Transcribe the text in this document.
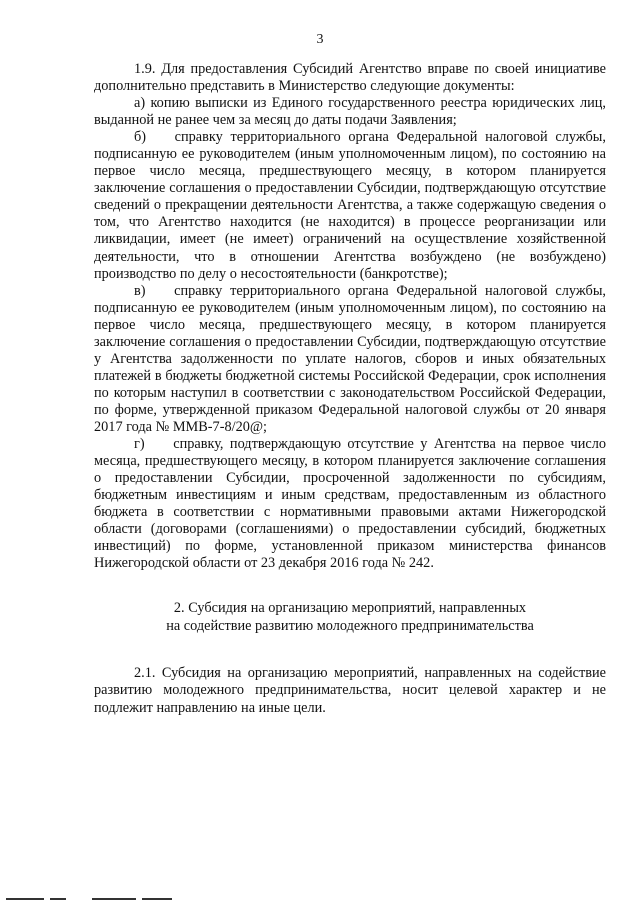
3

1.9. Для предоставления Субсидий Агентство вправе по своей инициативе дополнительно представить в Министерство следующие документы:

а) копию выписки из Единого государственного реестра юридических лиц, выданной не ранее чем за месяц до даты подачи Заявления;

б)  справку территориального органа Федеральной налоговой службы, подписанную ее руководителем (иным уполномоченным лицом), по состоянию на первое число месяца, предшествующего месяцу, в котором планируется заключение соглашения о предоставлении Субсидии, подтверждающую отсутствие сведений о прекращении деятельности Агентства, а также содержащую сведения о том, что Агентство находится (не находится) в процессе реорганизации или ликвидации, имеет (не имеет) ограничений на осуществление хозяйственной деятельности, что в отношении Агентства возбуждено (не возбуждено) производство по делу о несостоятельности (банкротстве);

в)  справку территориального органа Федеральной налоговой службы, подписанную ее руководителем (иным уполномоченным лицом), по состоянию на первое число месяца, предшествующего месяцу, в котором планируется заключение соглашения о предоставлении Субсидии, подтверждающую отсутствие у Агентства задолженности по уплате налогов, сборов и иных обязательных платежей в бюджеты бюджетной системы Российской Федерации, срок исполнения по которым наступил в соответствии с законодательством Российской Федерации, по форме, утвержденной приказом Федеральной налоговой службы от 20 января 2017 года № ММВ-7-8/20@;

г)  справку, подтверждающую отсутствие у Агентства на первое число месяца, предшествующего месяцу, в котором планируется заключение соглашения о предоставлении Субсидии, просроченной задолженности по субсидиям, бюджетным инвестициям и иным средствам, предоставленным из областного бюджета в соответствии с нормативными правовыми актами Нижегородской области (договорами (соглашениями) о предоставлении субсидий, бюджетных инвестиций) по форме, установленной приказом министерства финансов Нижегородской области от 23 декабря 2016 года № 242.

2. Субсидия на организацию мероприятий, направленных
на содействие развитию молодежного предпринимательства

2.1. Субсидия на организацию мероприятий, направленных на содействие развитию молодежного предпринимательства, носит целевой характер и не подлежит направлению на иные цели.
